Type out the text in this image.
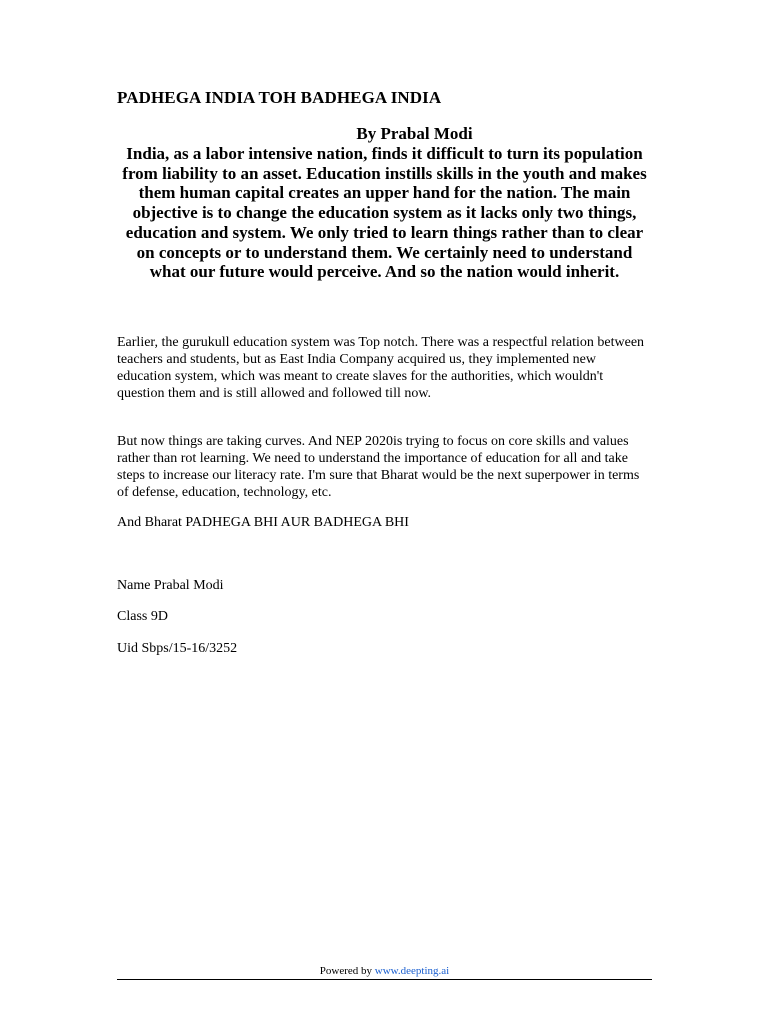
PADHEGA INDIA TOH BADHEGA INDIA

By Prabal Modi

India, as a labor intensive nation, finds it difficult to turn its population from liability to an asset. Education instills skills in the youth and makes them human capital creates an upper hand for the nation. The main objective is to change the education system as it lacks only two things, education and system. We only tried to learn things rather than to clear on concepts or to understand them. We certainly need to understand what our future would perceive. And so the nation would inherit.

Earlier, the gurukull education system was Top notch. There was a respectful relation between teachers and students, but as East India Company acquired us, they implemented new education system, which was meant to create slaves for the authorities, which wouldn't question them and is still allowed and followed till now.

But now things are taking curves. And NEP 2020is trying to focus on core skills and values rather than rot learning. We need to understand the importance of education for all and take steps to increase our literacy rate. I'm sure that Bharat would be the next superpower in terms of defense, education, technology, etc.

And Bharat PADHEGA BHI AUR BADHEGA BHI

Name Prabal Modi

Class 9D

Uid Sbps/15-16/3252

Powered by www.deepting.ai
